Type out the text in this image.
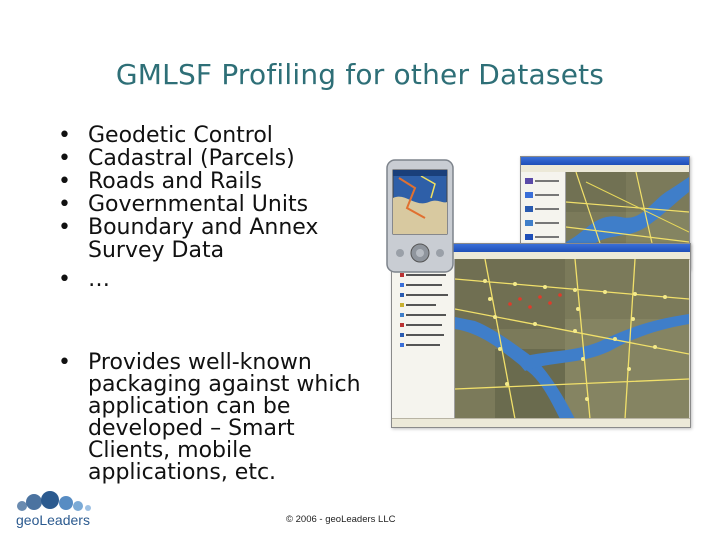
GMLSF Profiling for other Datasets
• Geodetic Control
• Cadastral (Parcels)
• Roads and Rails
• Governmental Units
• Boundary and Annex Survey Data
• …
• Provides well-known packaging against which application can be developed – Smart Clients, mobile applications, etc.
geoLeaders	© 2006 - geoLeaders LLC
